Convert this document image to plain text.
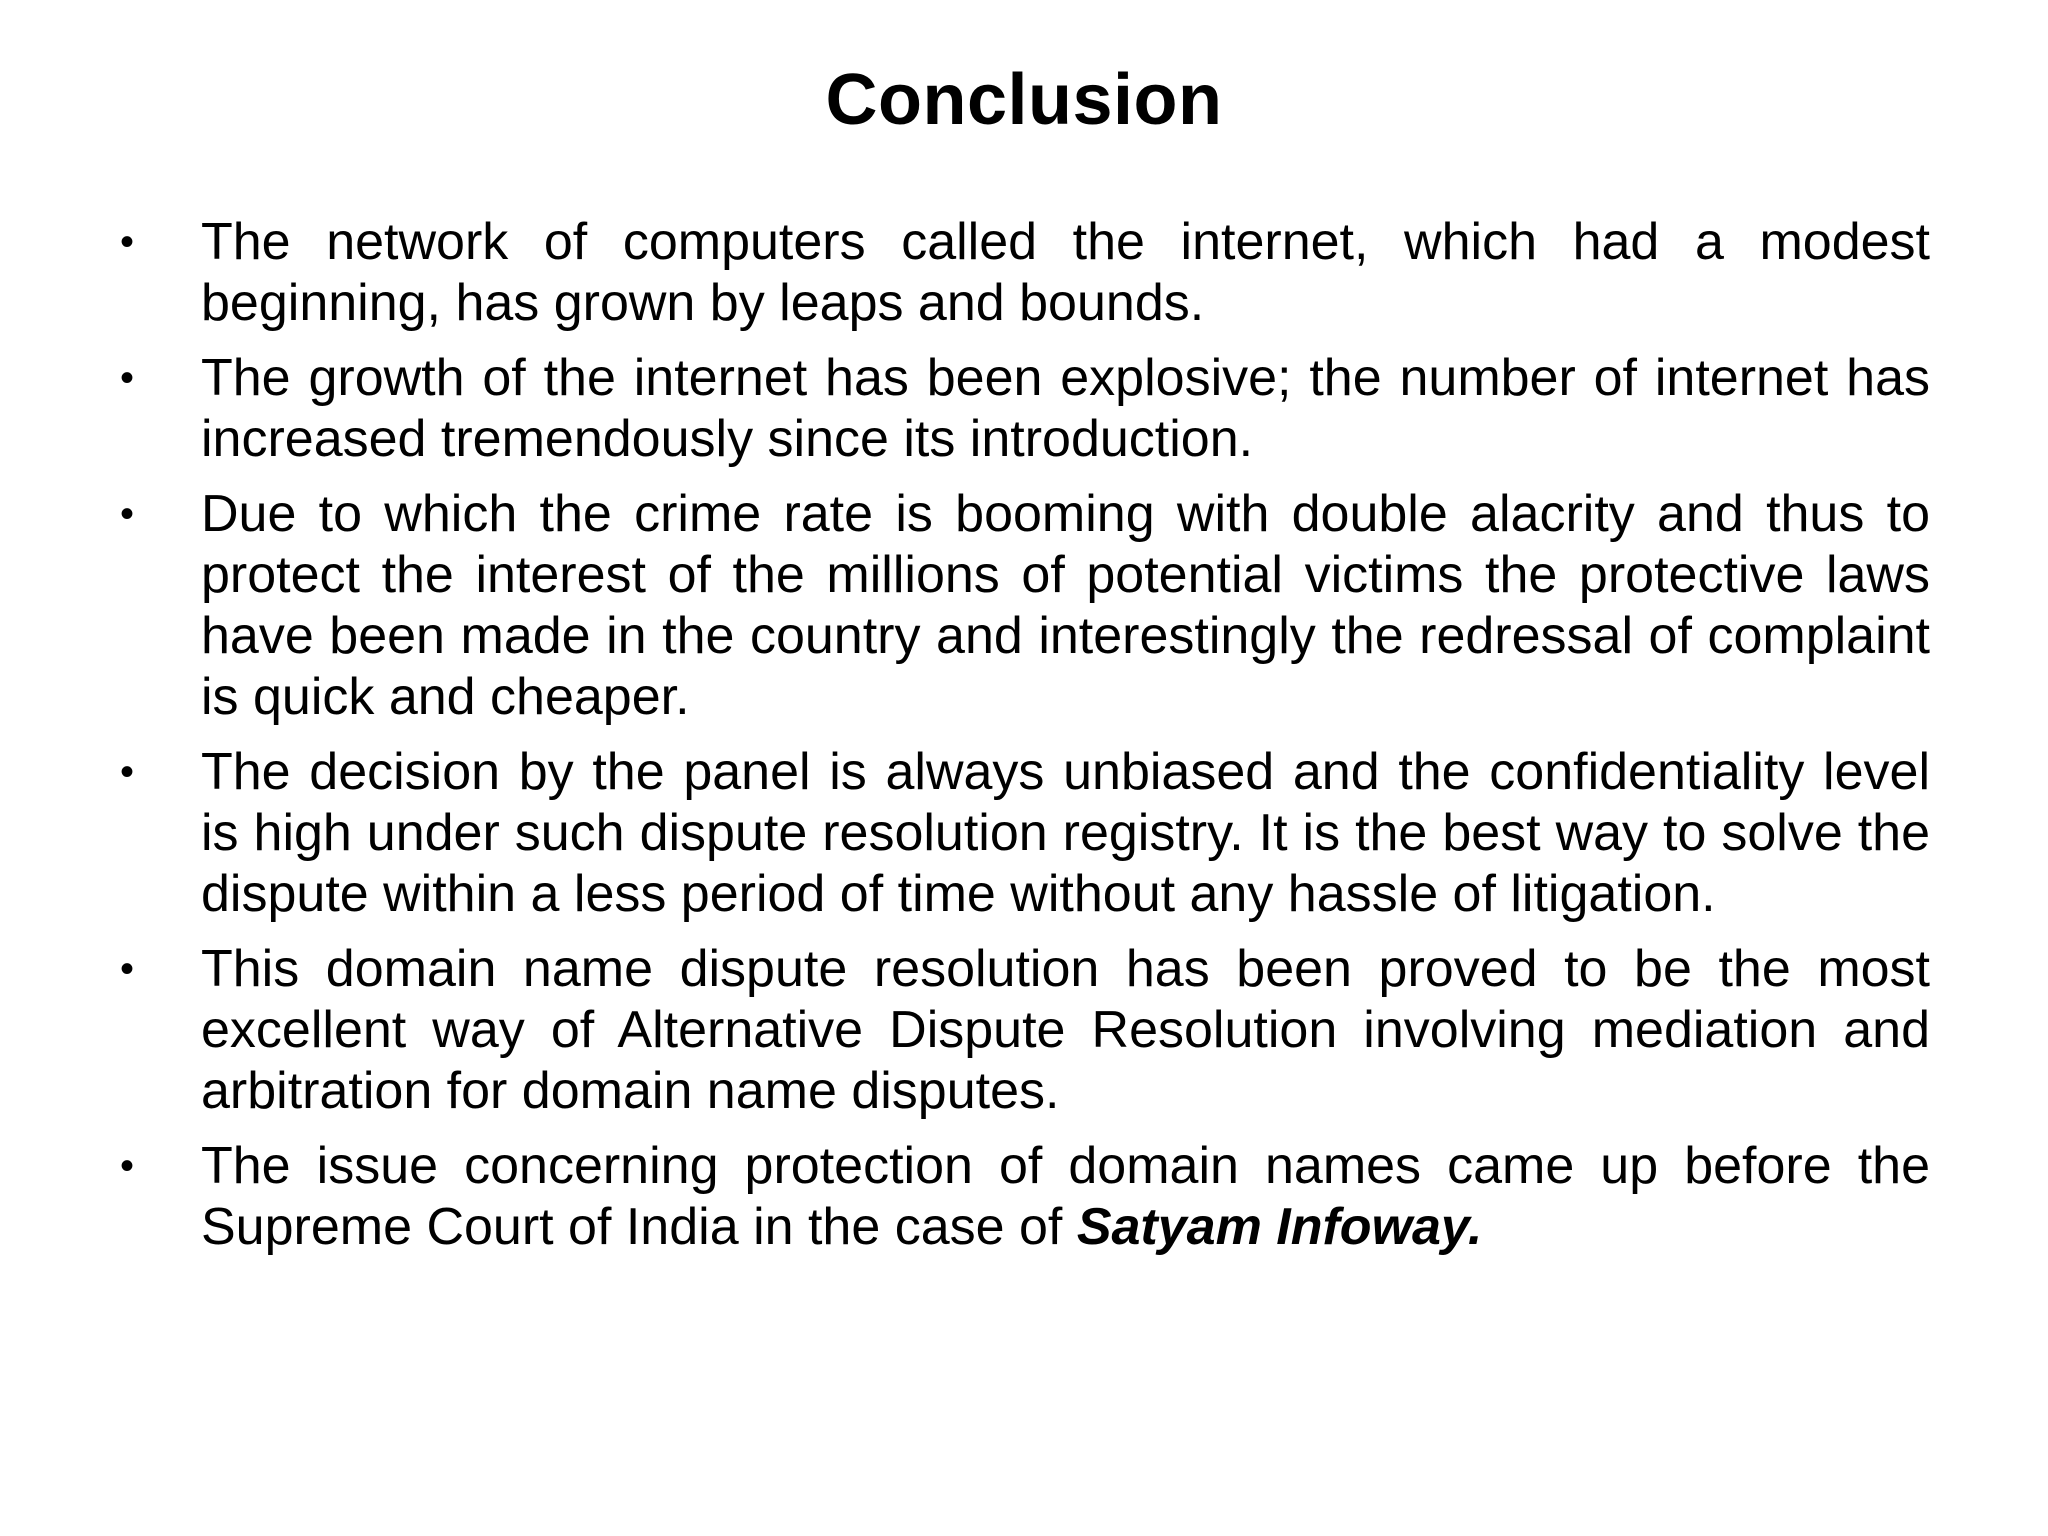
Conclusion
• The network of computers called the internet, which had a modest beginning, has grown by leaps and bounds.
• The growth of the internet has been explosive; the number of internet has increased tremendously since its introduction.
• Due to which the crime rate is booming with double alacrity and thus to protect the interest of the millions of potential victims the protective laws have been made in the country and interestingly the redressal of complaint is quick and cheaper.
• The decision by the panel is always unbiased and the confidentiality level is high under such dispute resolution registry. It is the best way to solve the dispute within a less period of time without any hassle of litigation.
• This domain name dispute resolution has been proved to be the most excellent way of Alternative Dispute Resolution involving mediation and arbitration for domain name disputes.
• The issue concerning protection of domain names came up before the Supreme Court of India in the case of Satyam Infoway.
